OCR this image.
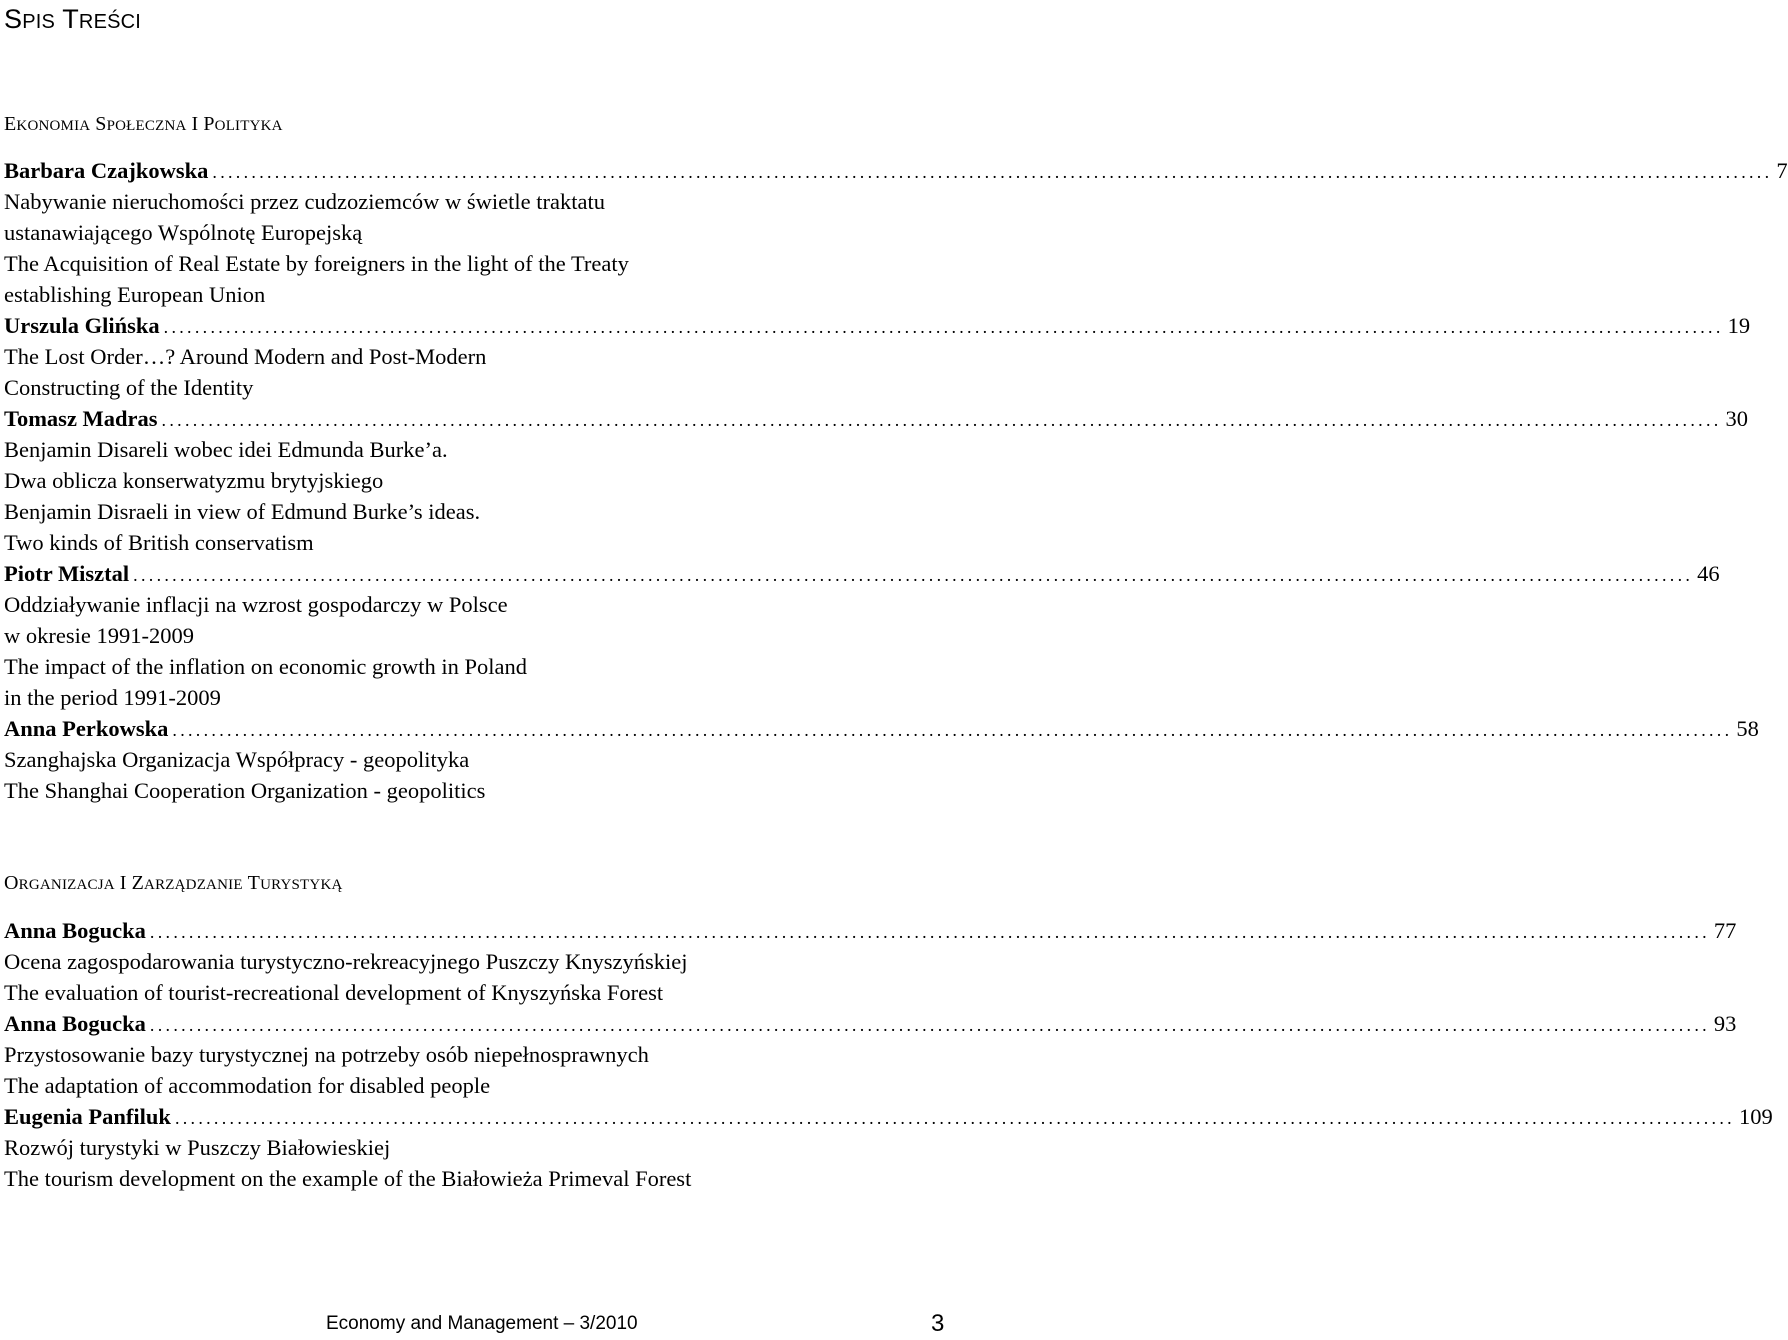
SPIS TREŚCI
EKONOMIA SPOŁECZNA I POLITYKA
Barbara Czajkowska ........................................................................................................................................................................................................ 7
Nabywanie nieruchomości przez cudzoziemców w świetle traktatu
ustanawiającego Wspólnotę Europejską
The Acquisition of Real Estate by foreigners in the light of the Treaty
establishing European Union
Urszula Glińska ........................................................................................................................................................................................................ 19
The Lost Order…? Around Modern and Post-Modern
Constructing of the Identity
Tomasz Madras ........................................................................................................................................................................................................ 30
Benjamin Disareli wobec idei Edmunda Burke’a.
Dwa oblicza konserwatyzmu brytyjskiego
Benjamin Disraeli in view of Edmund Burke’s ideas.
Two kinds of British conservatism
Piotr Misztal ........................................................................................................................................................................................................ 46
Oddziaływanie inflacji na wzrost gospodarczy w Polsce
w okresie 1991-2009
The impact of the inflation on economic growth in Poland
in the period 1991-2009
Anna Perkowska ........................................................................................................................................................................................................ 58
Szanghajska Organizacja Współpracy - geopolityka
The Shanghai Cooperation Organization - geopolitics
ORGANIZACJA I ZARZĄDZANIE TURYSTYKĄ
Anna Bogucka ........................................................................................................................................................................................................ 77
Ocena zagospodarowania turystyczno-rekreacyjnego Puszczy Knyszyńskiej
The evaluation of tourist-recreational development of Knyszyńska Forest
Anna Bogucka ........................................................................................................................................................................................................ 93
Przystosowanie bazy turystycznej na potrzeby osób niepełnosprawnych
The adaptation of accommodation for disabled people
Eugenia Panfiluk ........................................................................................................................................................................................................ 109
Rozwój turystyki w Puszczy Białowieskiej
The tourism development on the example of the Białowieża Primeval Forest
Economy and Management – 3/2010	3
